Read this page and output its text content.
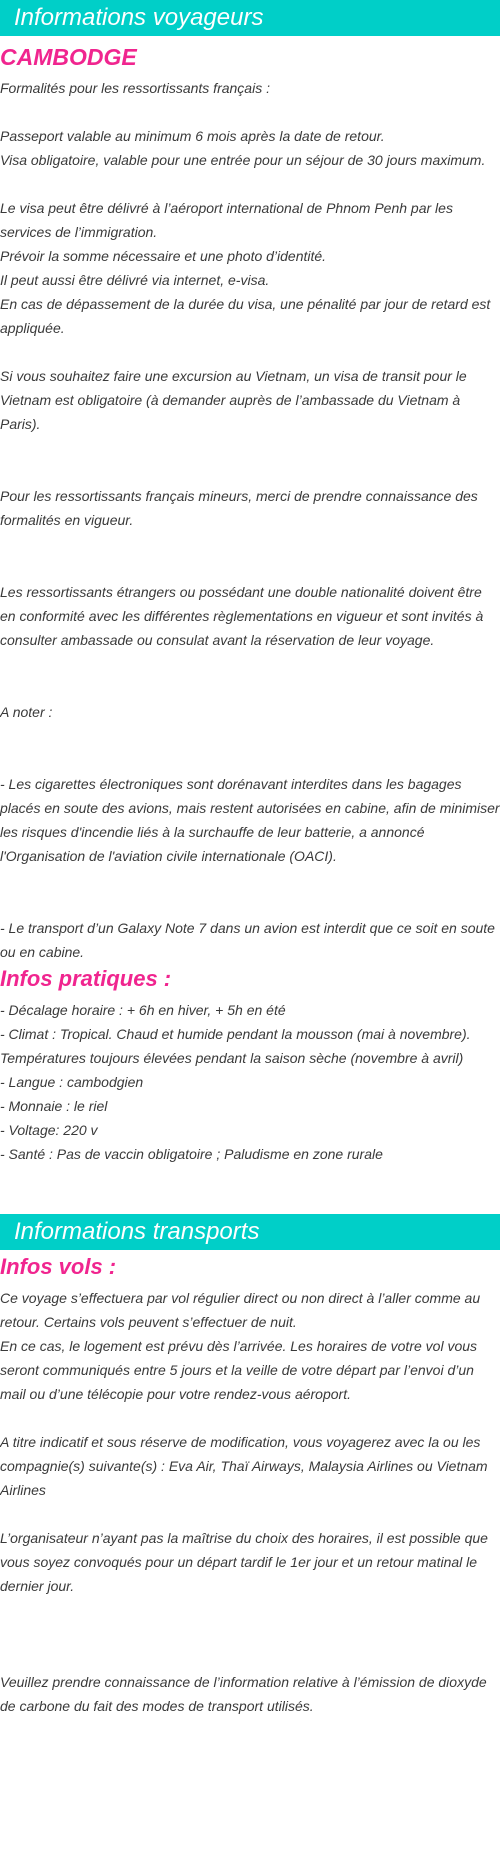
Informations voyageurs
CAMBODGE

Formalités pour les ressortissants français :

Passeport valable au minimum 6 mois après la date de retour.

Visa obligatoire, valable pour une entrée pour un séjour de 30 jours maximum.

Le visa peut être délivré à l’aéroport international de Phnom Penh par les services de l’immigration.

Prévoir la somme nécessaire et une photo d’identité.

Il peut aussi être délivré via internet, e-visa.

En cas de dépassement de la durée du visa, une pénalité par jour de retard est appliquée.

Si vous souhaitez faire une excursion au Vietnam, un visa de transit pour le Vietnam est obligatoire (à demander auprès de l’ambassade du Vietnam à Paris).

Pour les ressortissants français mineurs, merci de prendre connaissance des formalités en vigueur.

Les ressortissants étrangers ou possédant une double nationalité doivent être en conformité avec les différentes règlementations en vigueur et sont invités à consulter ambassade ou consulat avant la réservation de leur voyage.

A noter :

- Les cigarettes électroniques sont dorénavant interdites dans les bagages placés en soute des avions, mais restent autorisées en cabine, afin de minimiser les risques d'incendie liés à la surchauffe de leur batterie, a annoncé l'Organisation de l'aviation civile internationale (OACI).

- Le transport d’un Galaxy Note 7 dans un avion est interdit que ce soit en soute ou en cabine.

Infos pratiques :

- Décalage horaire : + 6h en hiver, + 5h en été

- Climat : Tropical. Chaud et humide pendant la mousson (mai à novembre). Températures toujours élevées pendant la saison sèche (novembre à avril)

- Langue : cambodgien

- Monnaie : le riel

- Voltage: 220 v

- Santé : Pas de vaccin obligatoire ; Paludisme en zone rurale

Informations transports
Infos vols :

Ce voyage s’effectuera par vol régulier direct ou non direct à l’aller comme au retour. Certains vols peuvent s’effectuer de nuit.

En ce cas, le logement est prévu dès l’arrivée. Les horaires de votre vol vous seront communiqués entre 5 jours et la veille de votre départ par l’envoi d’un mail ou d’une télécopie pour votre rendez-vous aéroport.

A titre indicatif et sous réserve de modification, vous voyagerez avec la ou les compagnie(s) suivante(s) : Eva Air, Thaï Airways, Malaysia Airlines ou Vietnam Airlines

L’organisateur n’ayant pas la maîtrise du choix des horaires, il est possible que vous soyez convoqués pour un départ tardif le 1er jour et un retour matinal le dernier jour.

Veuillez prendre connaissance de l’information relative à l’émission de dioxyde de carbone du fait des modes de transport utilisés.
